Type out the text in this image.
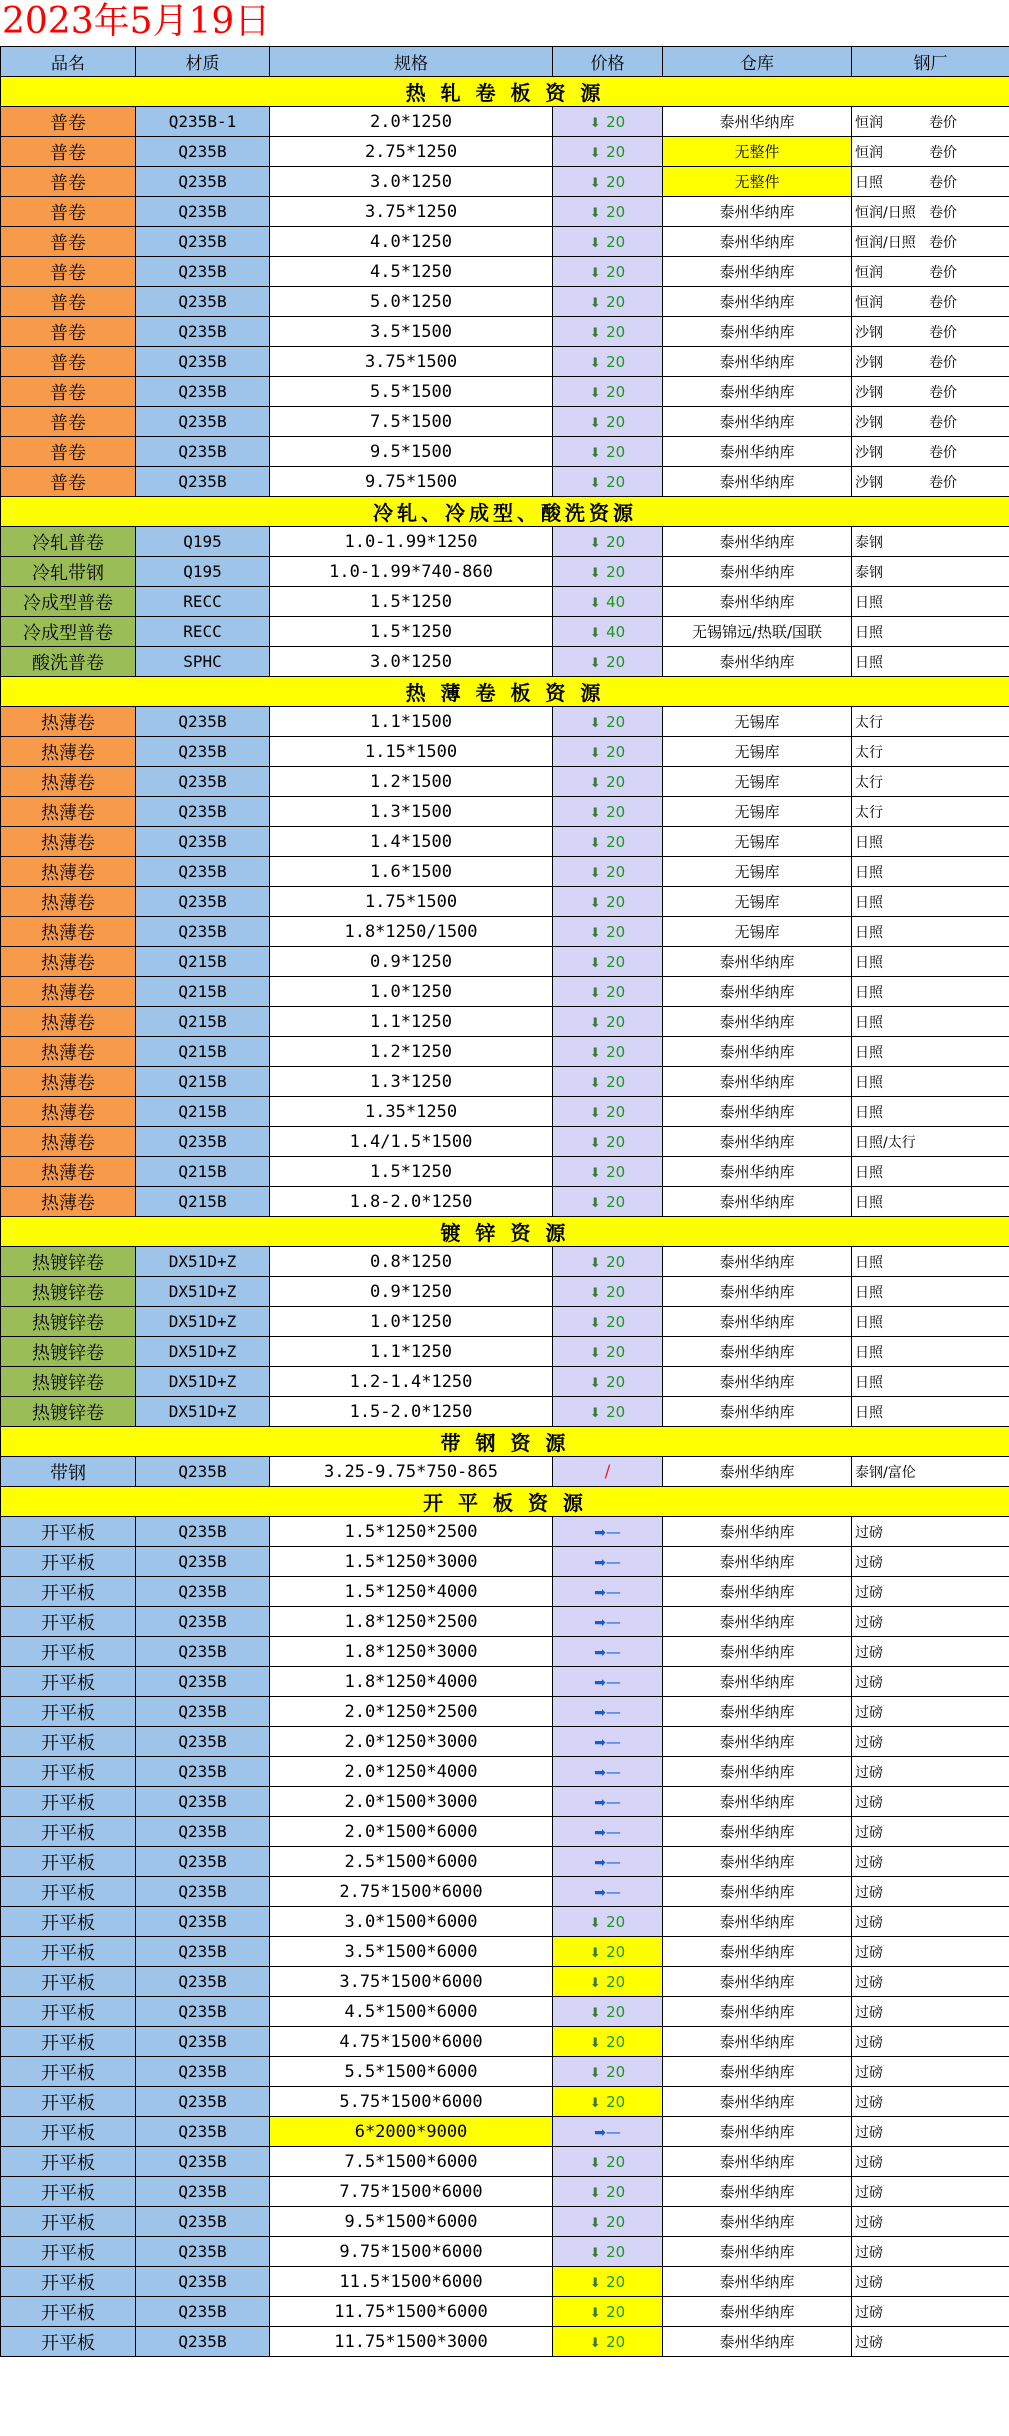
2023年5月19日
品名	材质	规格	价格	仓库	钢厂
热 轧 卷 板 资 源					
普卷	Q235B-1	2.0*1250	⬇ 20	泰州华纳库	恒润 卷价
普卷	Q235B	2.75*1250	⬇ 20	无整件	恒润 卷价
普卷	Q235B	3.0*1250	⬇ 20	无整件	日照 卷价
普卷	Q235B	3.75*1250	⬇ 20	泰州华纳库	恒润/日照 卷价
普卷	Q235B	4.0*1250	⬇ 20	泰州华纳库	恒润/日照 卷价
普卷	Q235B	4.5*1250	⬇ 20	泰州华纳库	恒润 卷价
普卷	Q235B	5.0*1250	⬇ 20	泰州华纳库	恒润 卷价
普卷	Q235B	3.5*1500	⬇ 20	泰州华纳库	沙钢 卷价
普卷	Q235B	3.75*1500	⬇ 20	泰州华纳库	沙钢 卷价
普卷	Q235B	5.5*1500	⬇ 20	泰州华纳库	沙钢 卷价
普卷	Q235B	7.5*1500	⬇ 20	泰州华纳库	沙钢 卷价
普卷	Q235B	9.5*1500	⬇ 20	泰州华纳库	沙钢 卷价
普卷	Q235B	9.75*1500	⬇ 20	泰州华纳库	沙钢 卷价
冷轧、冷成型、酸洗资源					
冷轧普卷	Q195	1.0-1.99*1250	⬇ 20	泰州华纳库	泰钢
冷轧带钢	Q195	1.0-1.99*740-860	⬇ 20	泰州华纳库	泰钢
冷成型普卷	RECC	1.5*1250	⬇ 40	泰州华纳库	日照
冷成型普卷	RECC	1.5*1250	⬇ 40	无锡锦远/热联/国联	日照
酸洗普卷	SPHC	3.0*1250	⬇ 20	泰州华纳库	日照
热 薄 卷 板 资 源					
热薄卷	Q235B	1.1*1500	⬇ 20	无锡库	太行
热薄卷	Q235B	1.15*1500	⬇ 20	无锡库	太行
热薄卷	Q235B	1.2*1500	⬇ 20	无锡库	太行
热薄卷	Q235B	1.3*1500	⬇ 20	无锡库	太行
热薄卷	Q235B	1.4*1500	⬇ 20	无锡库	日照
热薄卷	Q235B	1.6*1500	⬇ 20	无锡库	日照
热薄卷	Q235B	1.75*1500	⬇ 20	无锡库	日照
热薄卷	Q235B	1.8*1250/1500	⬇ 20	无锡库	日照
热薄卷	Q215B	0.9*1250	⬇ 20	泰州华纳库	日照
热薄卷	Q215B	1.0*1250	⬇ 20	泰州华纳库	日照
热薄卷	Q215B	1.1*1250	⬇ 20	泰州华纳库	日照
热薄卷	Q215B	1.2*1250	⬇ 20	泰州华纳库	日照
热薄卷	Q215B	1.3*1250	⬇ 20	泰州华纳库	日照
热薄卷	Q215B	1.35*1250	⬇ 20	泰州华纳库	日照
热薄卷	Q235B	1.4/1.5*1500	⬇ 20	泰州华纳库	日照/太行
热薄卷	Q215B	1.5*1250	⬇ 20	泰州华纳库	日照
热薄卷	Q215B	1.8-2.0*1250	⬇ 20	泰州华纳库	日照
镀 锌 资 源					
热镀锌卷	DX51D+Z	0.8*1250	⬇ 20	泰州华纳库	日照
热镀锌卷	DX51D+Z	0.9*1250	⬇ 20	泰州华纳库	日照
热镀锌卷	DX51D+Z	1.0*1250	⬇ 20	泰州华纳库	日照
热镀锌卷	DX51D+Z	1.1*1250	⬇ 20	泰州华纳库	日照
热镀锌卷	DX51D+Z	1.2-1.4*1250	⬇ 20	泰州华纳库	日照
热镀锌卷	DX51D+Z	1.5-2.0*1250	⬇ 20	泰州华纳库	日照
带 钢 资 源					
带钢	Q235B	3.25-9.75*750-865	/	泰州华纳库	泰钢/富伦
开 平 板 资 源					
开平板	Q235B	1.5*1250*2500	➡—	泰州华纳库	过磅
开平板	Q235B	1.5*1250*3000	➡—	泰州华纳库	过磅
开平板	Q235B	1.5*1250*4000	➡—	泰州华纳库	过磅
开平板	Q235B	1.8*1250*2500	➡—	泰州华纳库	过磅
开平板	Q235B	1.8*1250*3000	➡—	泰州华纳库	过磅
开平板	Q235B	1.8*1250*4000	➡—	泰州华纳库	过磅
开平板	Q235B	2.0*1250*2500	➡—	泰州华纳库	过磅
开平板	Q235B	2.0*1250*3000	➡—	泰州华纳库	过磅
开平板	Q235B	2.0*1250*4000	➡—	泰州华纳库	过磅
开平板	Q235B	2.0*1500*3000	➡—	泰州华纳库	过磅
开平板	Q235B	2.0*1500*6000	➡—	泰州华纳库	过磅
开平板	Q235B	2.5*1500*6000	➡—	泰州华纳库	过磅
开平板	Q235B	2.75*1500*6000	➡—	泰州华纳库	过磅
开平板	Q235B	3.0*1500*6000	⬇ 20	泰州华纳库	过磅
开平板	Q235B	3.5*1500*6000	⬇ 20	泰州华纳库	过磅
开平板	Q235B	3.75*1500*6000	⬇ 20	泰州华纳库	过磅
开平板	Q235B	4.5*1500*6000	⬇ 20	泰州华纳库	过磅
开平板	Q235B	4.75*1500*6000	⬇ 20	泰州华纳库	过磅
开平板	Q235B	5.5*1500*6000	⬇ 20	泰州华纳库	过磅
开平板	Q235B	5.75*1500*6000	⬇ 20	泰州华纳库	过磅
开平板	Q235B	6*2000*9000	➡—	泰州华纳库	过磅
开平板	Q235B	7.5*1500*6000	⬇ 20	泰州华纳库	过磅
开平板	Q235B	7.75*1500*6000	⬇ 20	泰州华纳库	过磅
开平板	Q235B	9.5*1500*6000	⬇ 20	泰州华纳库	过磅
开平板	Q235B	9.75*1500*6000	⬇ 20	泰州华纳库	过磅
开平板	Q235B	11.5*1500*6000	⬇ 20	泰州华纳库	过磅
开平板	Q235B	11.75*1500*6000	⬇ 20	泰州华纳库	过磅
开平板	Q235B	11.75*1500*3000	⬇ 20	泰州华纳库	过磅
